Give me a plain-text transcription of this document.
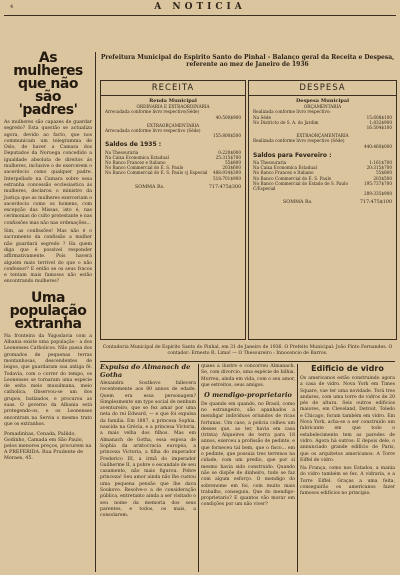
4	A NOTICIA
As mulheres que não são 'padres'
As mulheres são capazes de guardar segredo? Esta questão se actualiza agora, devido ao facto, que nos communicam um telegramma de Oslo, de haver a Camara dos Deputados da Noruega concedido a igualdade absoluta de direitos ás mulheres, inclusive o de exercerem o sacerdocio como qualquer padre. Interpellado na Camara sobre essa estranha concessão ecclesiastica ás mulheres, declarou o ministro da Justiça que as mulheres exerceriam o sacerdocio como os homens, com excepção das Missas, isto é, nas cerimonias do culto protestante e nas confissões mas não nas ordenações...
Sim, as confissões! Mas não é o sacramento da confissão a mulher não guardará segredo ? Ha quem diga que é possivel responder affirmativamente. Pois haverá alguém mais terrivel do que o não confessor? E então se os seus fracos e tentam mais famosos não estão encontrando mulheres?
Uma população extranha
Na fronteira da Yugoslavia com a Albania existe uma população - a dos Leonenses Catholicos. Não passa dos gromados de pequenas terras montanhosas, descendentes de leigos, que guardaram sua antiga fé. Todavia, com o correr do tempo, os Leonenses se tornaram uma espécie de seita meio musulmana, meio catholica, Observou-se um dos grupos, batizados, e procurou as suas. O governo da Albania está protegendo-os, e os Leonenses encontram na Servia o mesmo trato que os extranhos.
Pomadinhas, Cenada, Pallido, Godinho, Camada em São Paulo, pelos menores preços, procurem na A PREFERIDA. Rua Prudente de Moraes, 45.
Prefeitura Municipal do Espirito Santo do Pinhal - Balanço geral da Receita e Despesa, referente ao mez de Janeiro de 1936
RECEITA
Renda Municipal
ORDINARIA E EXTRAORDINARIA
Arrecadada conforme livro respectivo(Séde)
40:500$900
EXTRAORÇAMENTARIA
Arrecadada conforme livro respectivo (Séde)
155:800$500
Saldos de 1935 :
Na Thesouraria	0:220$000
Na Caixa Economica Estadual	25:315$700
No Banco Francez e Italiano	55$800
No Banco Commercial do E. S. Paulo	203$600
No Banco Commercial do E. S. Paulo cj Especial 488:934$300
518:701$900
SOMMA Rs.	717:475$300
DESPESA
Despesa Municipal
ORÇAMENTARIA
Realizada conforme livro respectivo:
Na Séde	15:608$100
No Districto de S. A. do Jardim	1:832$900
16:504$100
EXTRAORÇAMENTARIA
Realizada conforme livro respectivo (Séde)
440:460$000
Saldos para Fevereiro :
Na Thesouraria	1:161$700
Na Caixa Economica Estadual	20:315$700
No Banco Francez e Italiano	55$800
No Banco Commercial do E. S. Paulo	203$500
No Banco Commercial do Estado de S. Paulo C/Especial
195:737$700
289:335$900
SOMMA Rs.	717:475$100
Contadoria Municipal de Espirito Santo do Pinhal, em 31 de Janeiro de 1936. O Prefeito Municipal: João Pinto Fernandes. O contador: Ernesto R. Lima! — O Thesoureiro : Innocencio de Barros.
Expulsa do Almanach de Gotha
Alexandra Soutkovo fallecera recentemente aos 80 annos de edade. Quem era essa personagem? Simplesmente um typo social de nenhum aventureiro, que se fez amar por uma neta do rei Edward, — e que foi expulsa da familia. Em 1887, a princeza Sophia, nascida na Grécia, e a princesa Victoria, a mais velha dos filhos. Mas em Almanach de Gotha, essa esposa de Sophia da aristocracia européa, a princeza Victoria, a filha do imperador Frederico III, a irmã do imperador Guilherme II, a pobre o escandalo de seu casamento, não mais figurou. Pobre princeza! Seu amor ainda não lhe custou uma pequena pensão que lhe dava Soukovo. Resolve-o a de consideração pública, entretanto ainda a ser visitado o seu nome da memoria dos seus parentes, e todos, os mais, a consolarem.
quaes a ilustre e concorreu Almanach. Se, com divorcio, uma espécie de bilhia. Morreu, ainda em vida, com o seu amor, que estreitos, seus amigos.
O mendigo-proprietario
De quando em quando, no Brasil, como no estrangeiro, são apanhados a mendigar indivíduos oriundos de ricas fortunas. Um caso, a policia colheu um desses que, ao ter, havia em casa (trinta) Alqueires de terra para 18 annos, exerceu a profissão de pedinte, e que forneceu tal bem, que o fisco... em o pedinte, que possuia tres terrenos na cidade, com um predio, que por si mesmo havia sido construido. Quando não se dispõe de dinheiro, tudo se faz com algum esforço. O mendigo do sobrenome em foi, com muito mais trabalho, conseguiu. Que do mendigo-proprietario? E quantos vão morar em condições por um não viver?
Edificio de vidro
Os americanos estão construindo agora a casa de vidro. Nova York em Times Square, vae ter uma novidade. Torá tres andares, com uma torre de vidros de 20 pés de altura. Seis outros edificios maiores, em Cleveland, Detroit, Toledo e Chicago, foram também em vidro. Em Nova York, acha-se a ser construido um fabricante em que todo o estabelecimento tem as paredes de vidro. Agora há outros: E depois dele, o annunciado grande edificio de Paris, que os arquitetos americanos: A Torre Eiffel de vidro.
Na França, como nos Estados, a mania do vidro também se fez. A vidraria, e a Torre Eiffel. Graças a uma feita, conseguirão os americanos fazer famosos edifícios no principio.
